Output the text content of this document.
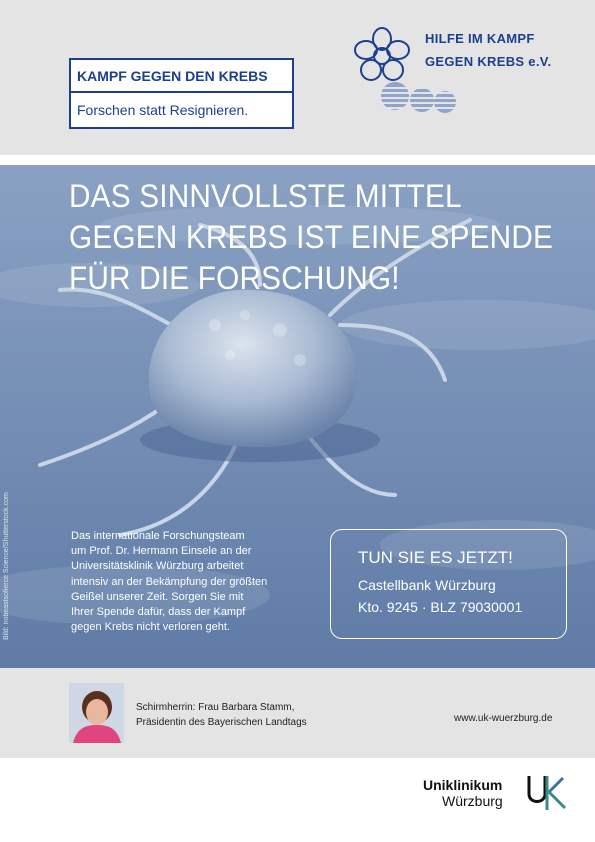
KAMPF GEGEN DEN KREBS
Forschen statt Resignieren.
HILFE IM KAMPF
GEGEN KREBS e.V.
DAS SINNVOLLSTE MITTEL
GEGEN KREBS IST EINE SPENDE
FÜR DIE FORSCHUNG!
Bild: nobeastsofierce Science/Shutterstock.com	Das internationale Forschungsteam
um Prof. Dr. Hermann Einsele an der
Universitätsklinik Würzburg arbeitet
intensiv an der Bekämpfung der größten
Geißel unserer Zeit. Sorgen Sie mit
Ihrer Spende dafür, dass der Kampf
gegen Krebs nicht verloren geht.
TUN SIE ES JETZT!
Castellbank Würzburg
Kto. 9245 · BLZ 79030001
Schirmherrin: Frau Barbara Stamm,
Präsidentin des Bayerischen Landtags	www.uk-wuerzburg.de
Uniklinikum
Würzburg
